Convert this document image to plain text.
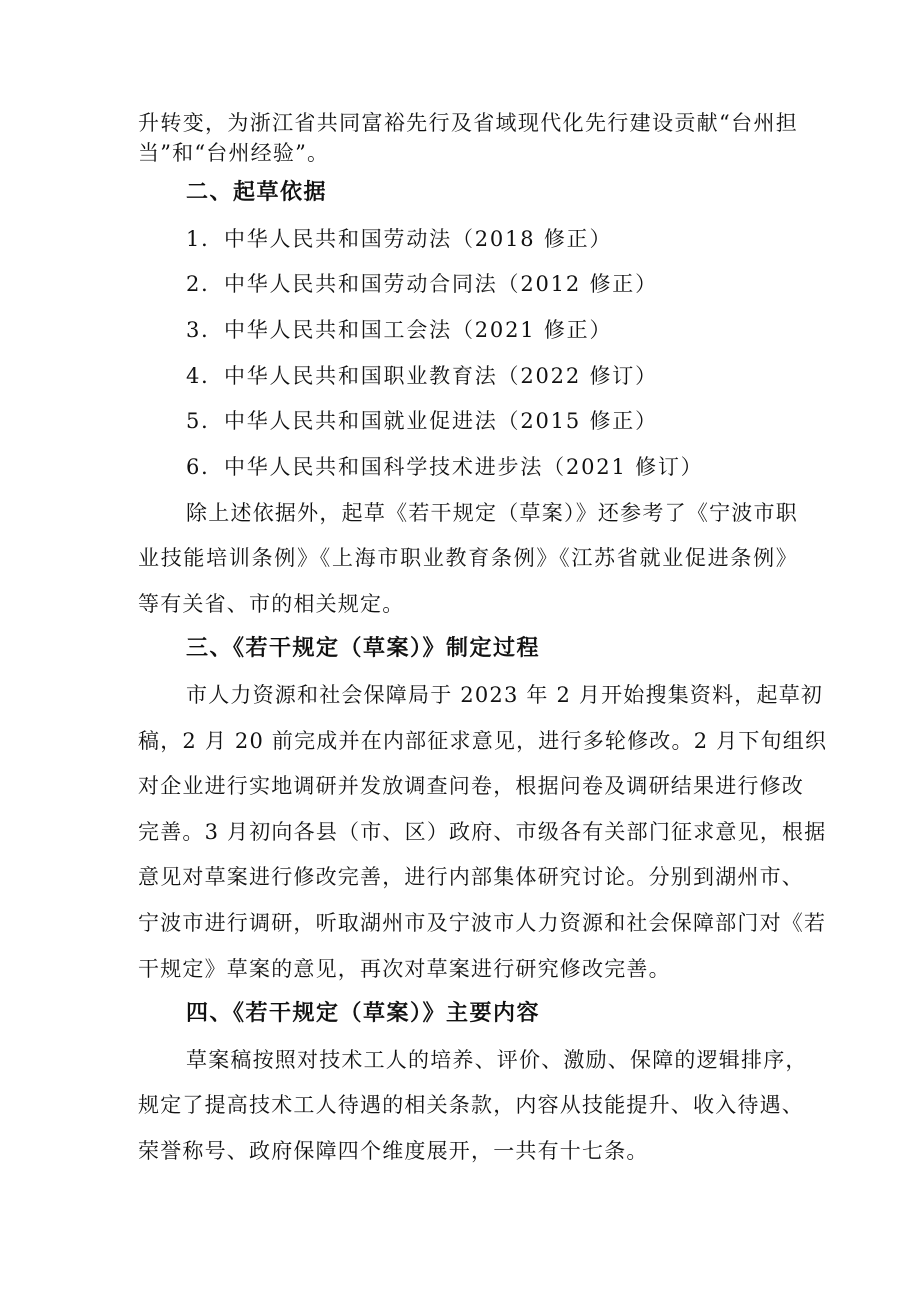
升转变，为浙江省共同富裕先行及省域现代化先行建设贡献“台州担
当”和“台州经验”。
二、起草依据
1．中华人民共和国劳动法（2018 修正）
2．中华人民共和国劳动合同法（2012 修正）
3．中华人民共和国工会法（2021 修正）
4．中华人民共和国职业教育法（2022 修订）
5．中华人民共和国就业促进法（2015 修正）
6．中华人民共和国科学技术进步法（2021 修订）
除上述依据外，起草《若干规定（草案）》还参考了《宁波市职
业技能培训条例》《上海市职业教育条例》《江苏省就业促进条例》
等有关省、市的相关规定。
三、《若干规定（草案）》制定过程
市人力资源和社会保障局于 2023 年 2 月开始搜集资料，起草初
稿，2 月 20 前完成并在内部征求意见，进行多轮修改。2 月下旬组织
对企业进行实地调研并发放调查问卷，根据问卷及调研结果进行修改
完善。3 月初向各县（市、区）政府、市级各有关部门征求意见，根据
意见对草案进行修改完善，进行内部集体研究讨论。分别到湖州市、
宁波市进行调研，听取湖州市及宁波市人力资源和社会保障部门对《若
干规定》草案的意见，再次对草案进行研究修改完善。
四、《若干规定（草案）》主要内容
草案稿按照对技术工人的培养、评价、激励、保障的逻辑排序，
规定了提高技术工人待遇的相关条款，内容从技能提升、收入待遇、
荣誉称号、政府保障四个维度展开，一共有十七条。
